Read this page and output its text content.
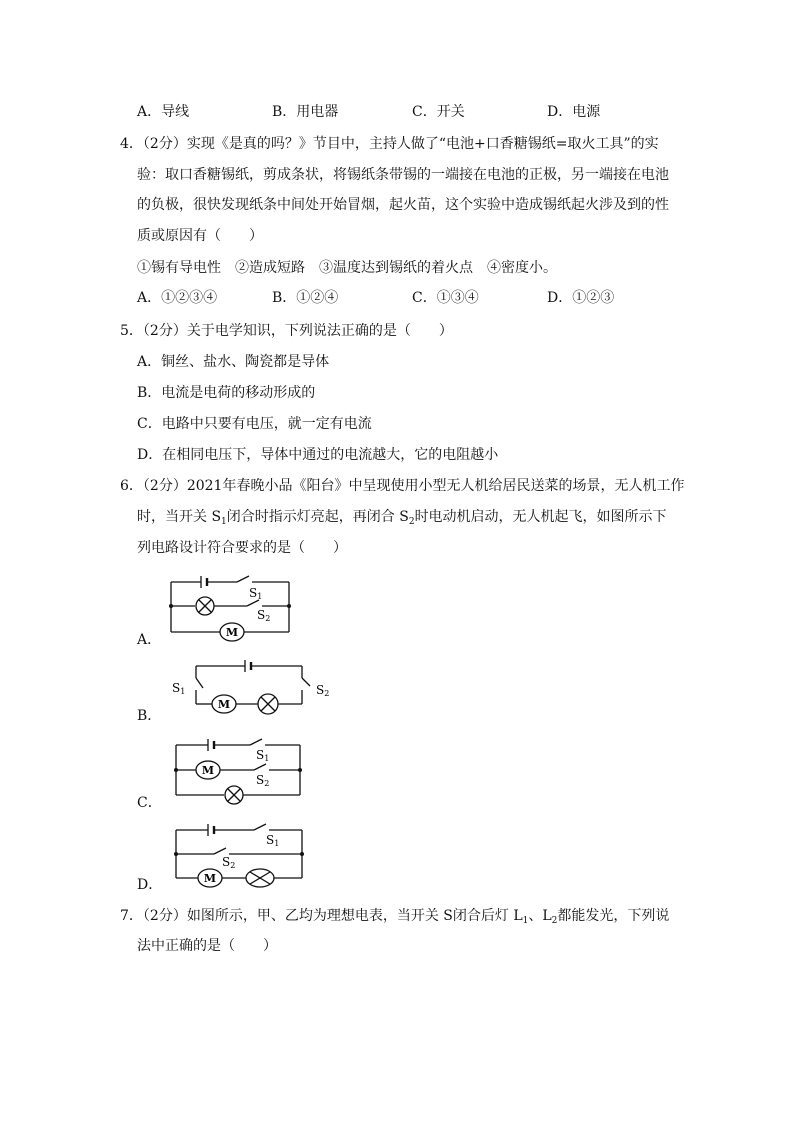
A．导线	B．用电器	C．开关	D．电源
4．（2分）实现《是真的吗？》节目中，主持人做了“电池+口香糖锡纸=取火工具”的实
验：取口香糖锡纸，剪成条状，将锡纸条带锡的一端接在电池的正极，另一端接在电池
的负极，很快发现纸条中间处开始冒烟，起火苗，这个实验中造成锡纸起火涉及到的性
质或原因有（　　）
①锡有导电性　②造成短路　③温度达到锡纸的着火点　④密度小。
A．①②③④	B．①②④	C．①③④	D．①②③
5．（2分）关于电学知识，下列说法正确的是（　　）
A．铜丝、盐水、陶瓷都是导体
B．电流是电荷的移动形成的
C．电路中只要有电压，就一定有电流
D．在相同电压下，导体中通过的电流越大，它的电阻越小
6．（2分）2021年春晚小品《阳台》中呈现使用小型无人机给居民送菜的场景，无人机工作
时，当开关 $S_1$闭合时指示灯亮起，再闭合 $S_2$时电动机启动，无人机起飞，如图所示下
列电路设计符合要求的是（　　）
M
S1
S2
A．
M
S1	S2
B．
M
S1
S2
C．
M
S1
S2
D．
7．（2分）如图所示，甲、乙均为理想电表，当开关 S闭合后灯 $L_1$、$L_2$都能发光，下列说
法中正确的是（　　）
